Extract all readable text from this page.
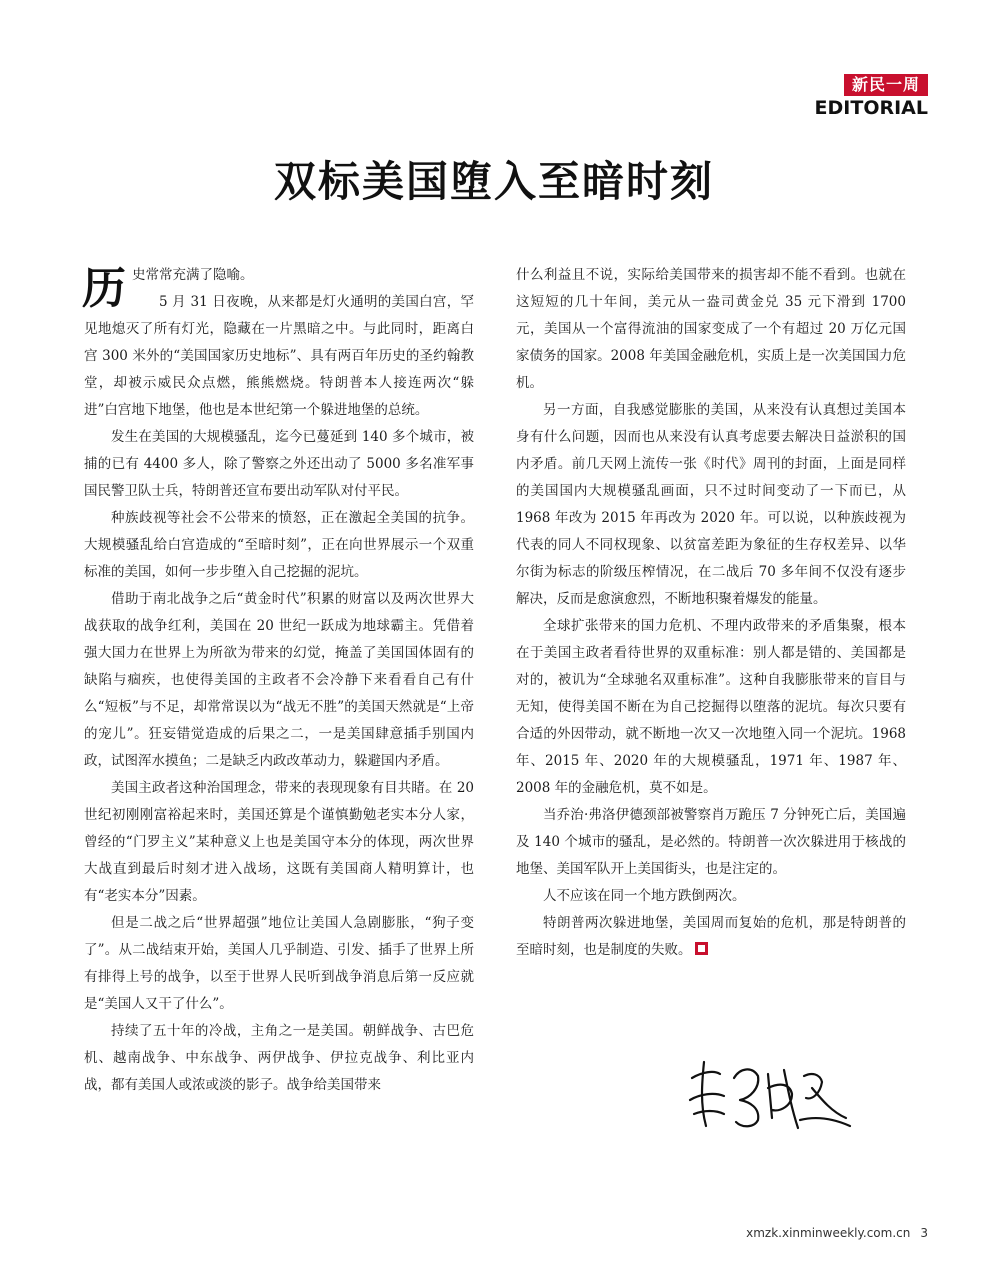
新民一周
EDITORIAL
双标美国堕入至暗时刻

历史常常充满了隐喻。

5 月 31 日夜晚，从来都是灯火通明的美国白宫，罕见地熄灭了所有灯光，隐藏在一片黑暗之中。与此同时，距离白宫 300 米外的“美国国家历史地标”、具有两百年历史的圣约翰教堂，却被示威民众点燃，熊熊燃烧。特朗普本人接连两次“躲进”白宫地下地堡，他也是本世纪第一个躲进地堡的总统。

发生在美国的大规模骚乱，迄今已蔓延到 140 多个城市，被捕的已有 4400 多人，除了警察之外还出动了 5000 多名准军事国民警卫队士兵，特朗普还宣布要出动军队对付平民。

种族歧视等社会不公带来的愤怒，正在激起全美国的抗争。大规模骚乱给白宫造成的“至暗时刻”，正在向世界展示一个双重标准的美国，如何一步步堕入自己挖掘的泥坑。

借助于南北战争之后“黄金时代”积累的财富以及两次世界大战获取的战争红利，美国在 20 世纪一跃成为地球霸主。凭借着强大国力在世界上为所欲为带来的幻觉，掩盖了美国国体固有的缺陷与痼疾，也使得美国的主政者不会冷静下来看看自己有什么“短板”与不足，却常常误以为“战无不胜”的美国天然就是“上帝的宠儿”。狂妄错觉造成的后果之二，一是美国肆意插手别国内政，试图浑水摸鱼；二是缺乏内政改革动力，躲避国内矛盾。

美国主政者这种治国理念，带来的表现现象有目共睹。在 20 世纪初刚刚富裕起来时，美国还算是个谨慎勤勉老实本分人家，曾经的“门罗主义”某种意义上也是美国守本分的体现，两次世界大战直到最后时刻才进入战场，这既有美国商人精明算计，也有“老实本分”因素。

但是二战之后“世界超强”地位让美国人急剧膨胀，“狗子变了”。从二战结束开始，美国人几乎制造、引发、插手了世界上所有排得上号的战争，以至于世界人民听到战争消息后第一反应就是“美国人又干了什么”。

持续了五十年的冷战，主角之一是美国。朝鲜战争、古巴危机、越南战争、中东战争、两伊战争、伊拉克战争、利比亚内战，都有美国人或浓或淡的影子。战争给美国带来

什么利益且不说，实际给美国带来的损害却不能不看到。也就在这短短的几十年间，美元从一盎司黄金兑 35 元下滑到 1700 元，美国从一个富得流油的国家变成了一个有超过 20 万亿元国家债务的国家。2008 年美国金融危机，实质上是一次美国国力危机。

另一方面，自我感觉膨胀的美国，从来没有认真想过美国本身有什么问题，因而也从来没有认真考虑要去解决日益淤积的国内矛盾。前几天网上流传一张《时代》周刊的封面，上面是同样的美国国内大规模骚乱画面，只不过时间变动了一下而已，从 1968 年改为 2015 年再改为 2020 年。可以说，以种族歧视为代表的同人不同权现象、以贫富差距为象征的生存权差异、以华尔街为标志的阶级压榨情况，在二战后 70 多年间不仅没有逐步解决，反而是愈演愈烈，不断地积聚着爆发的能量。

全球扩张带来的国力危机、不理内政带来的矛盾集聚，根本在于美国主政者看待世界的双重标准：别人都是错的、美国都是对的，被讥为“全球驰名双重标准”。这种自我膨胀带来的盲目与无知，使得美国不断在为自己挖掘得以堕落的泥坑。每次只要有合适的外因带动，就不断地一次又一次地堕入同一个泥坑。1968 年、2015 年、2020 年的大规模骚乱，1971 年、1987 年、2008 年的金融危机，莫不如是。

当乔治·弗洛伊德颈部被警察肖万跪压 7 分钟死亡后，美国遍及 140 个城市的骚乱，是必然的。特朗普一次次躲进用于核战的地堡、美国军队开上美国街头，也是注定的。

人不应该在同一个地方跌倒两次。

特朗普两次躲进地堡，美国周而复始的危机，那是特朗普的至暗时刻，也是制度的失败。

xmzk.xinminweekly.com.cn 3
